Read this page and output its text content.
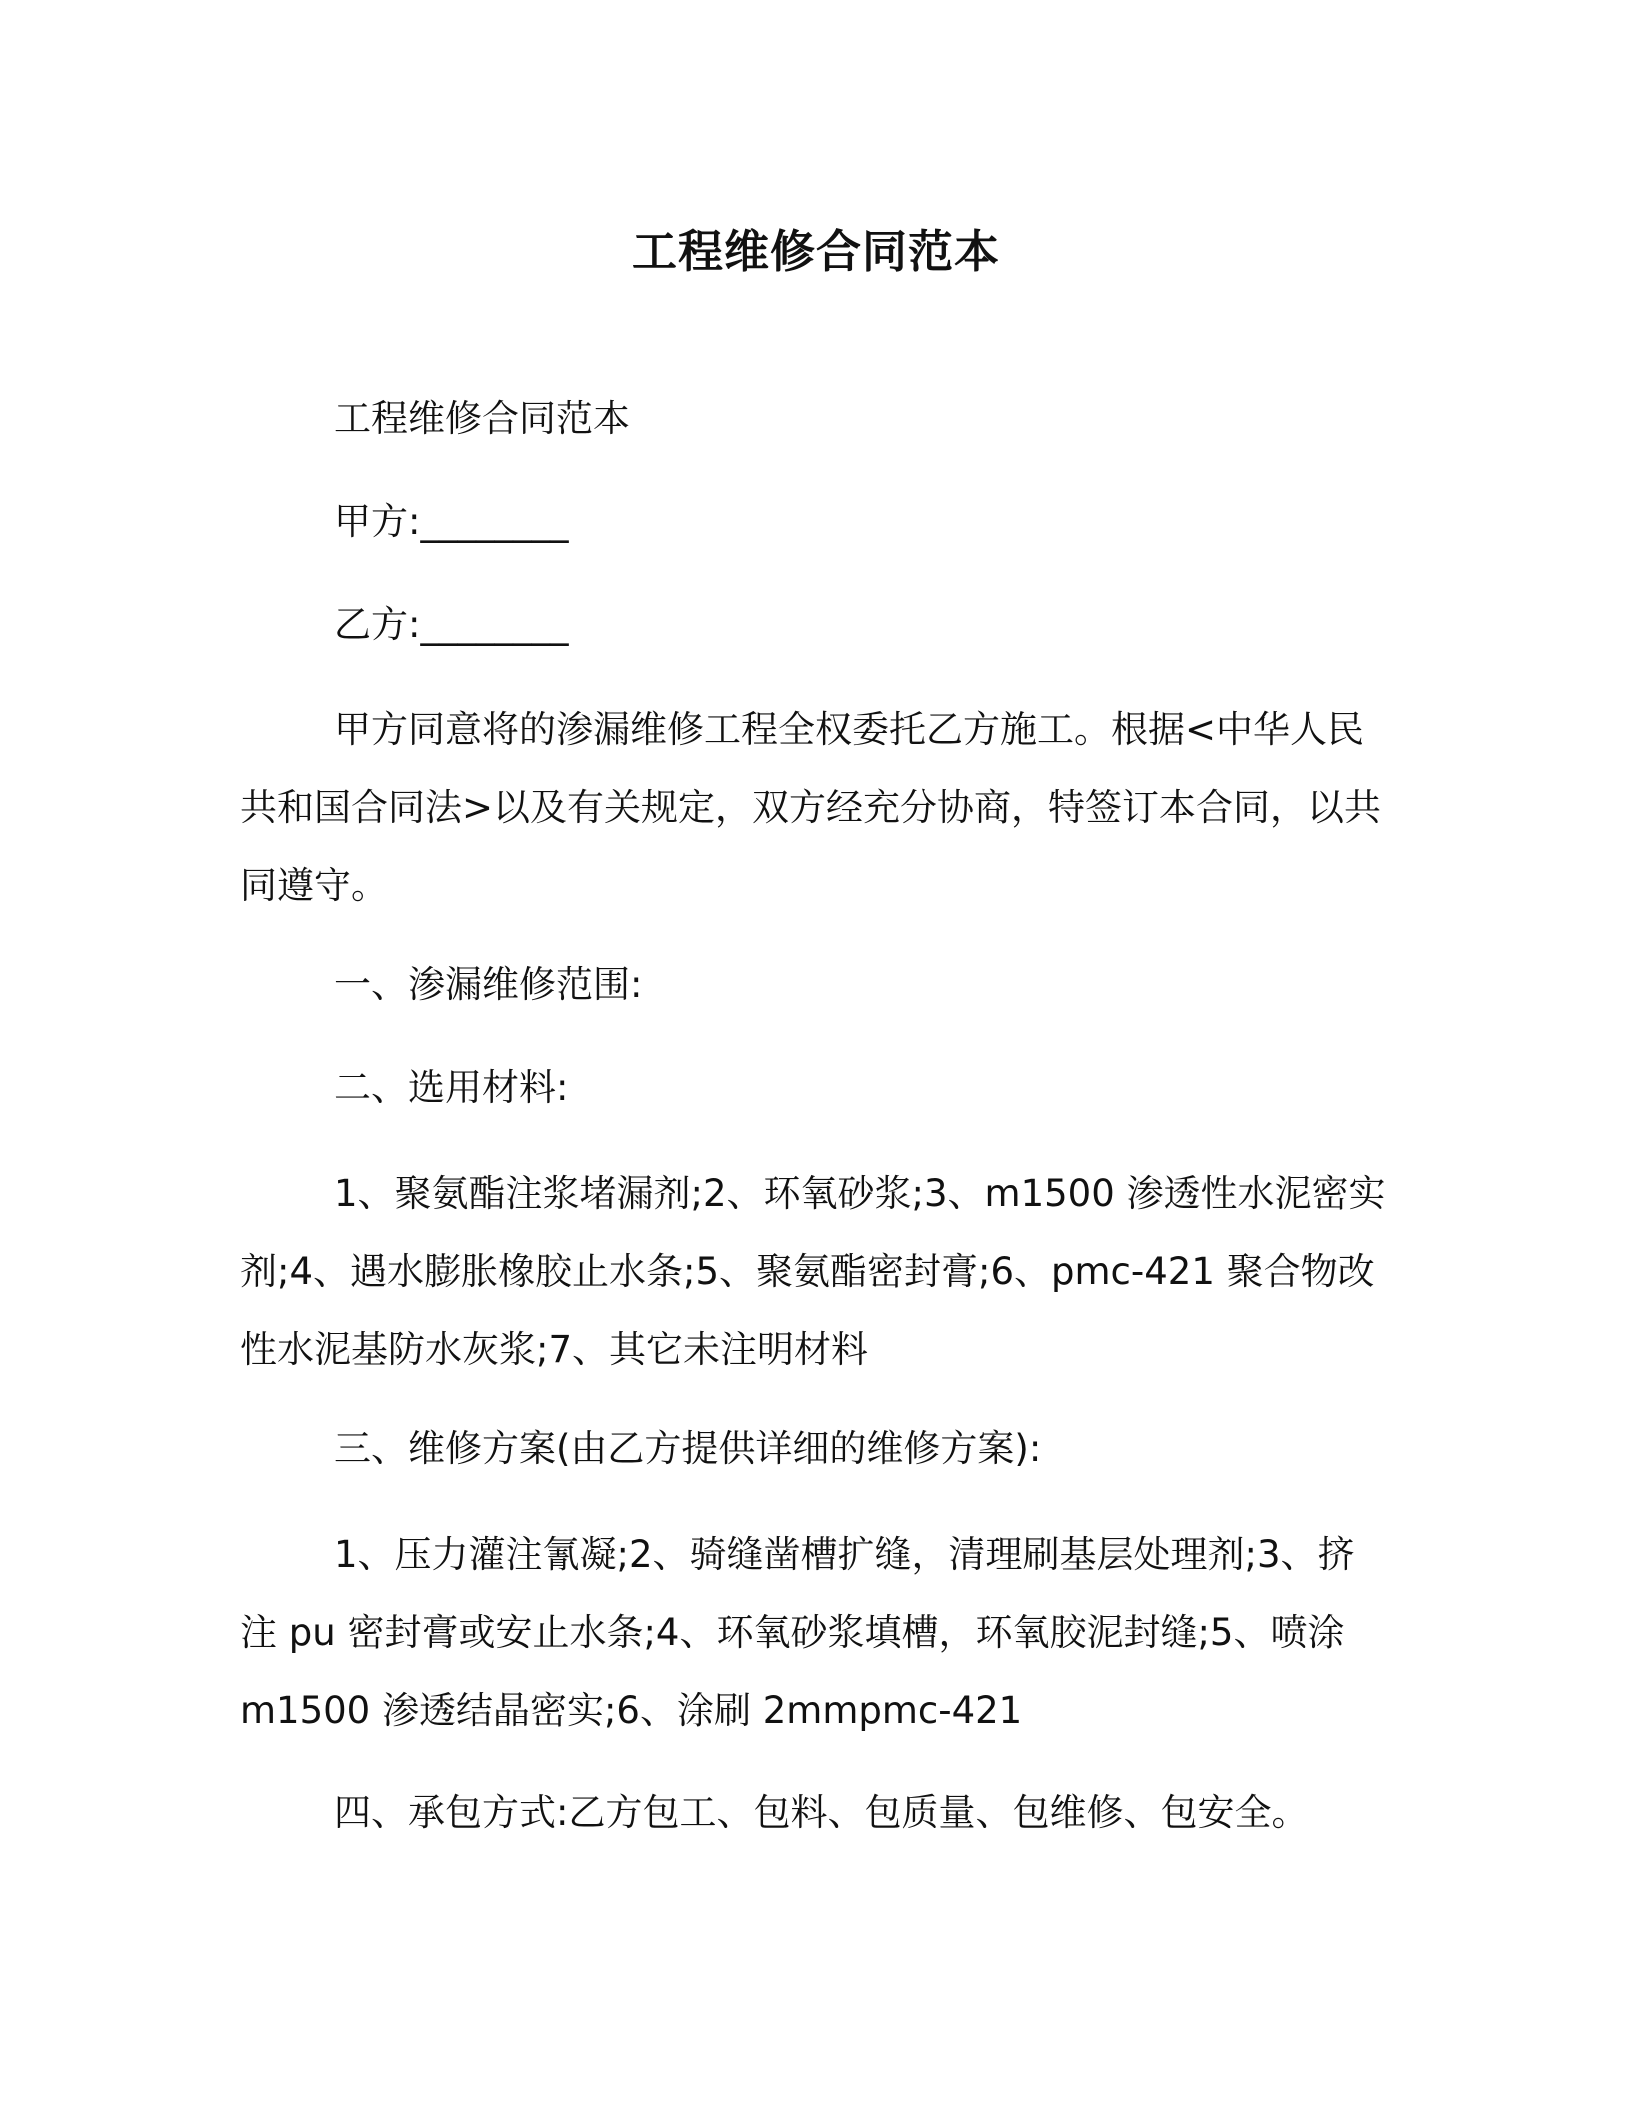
工程维修合同范本
工程维修合同范本
甲方:________
乙方:________
甲方同意将的渗漏维修工程全权委托乙方施工。根据<中华人民
共和国合同法>以及有关规定，双方经充分协商，特签订本合同，以共
同遵守。
一、渗漏维修范围:
二、选用材料:
1、聚氨酯注浆堵漏剂;2、环氧砂浆;3、m1500 渗透性水泥密实
剂;4、遇水膨胀橡胶止水条;5、聚氨酯密封膏;6、pmc-421 聚合物改
性水泥基防水灰浆;7、其它未注明材料
三、维修方案(由乙方提供详细的维修方案):
1、压力灌注氰凝;2、骑缝凿槽扩缝，清理刷基层处理剂;3、挤
注 pu 密封膏或安止水条;4、环氧砂浆填槽，环氧胶泥封缝;5、喷涂
m1500 渗透结晶密实;6、涂刷 2mmpmc-421
四、承包方式:乙方包工、包料、包质量、包维修、包安全。
